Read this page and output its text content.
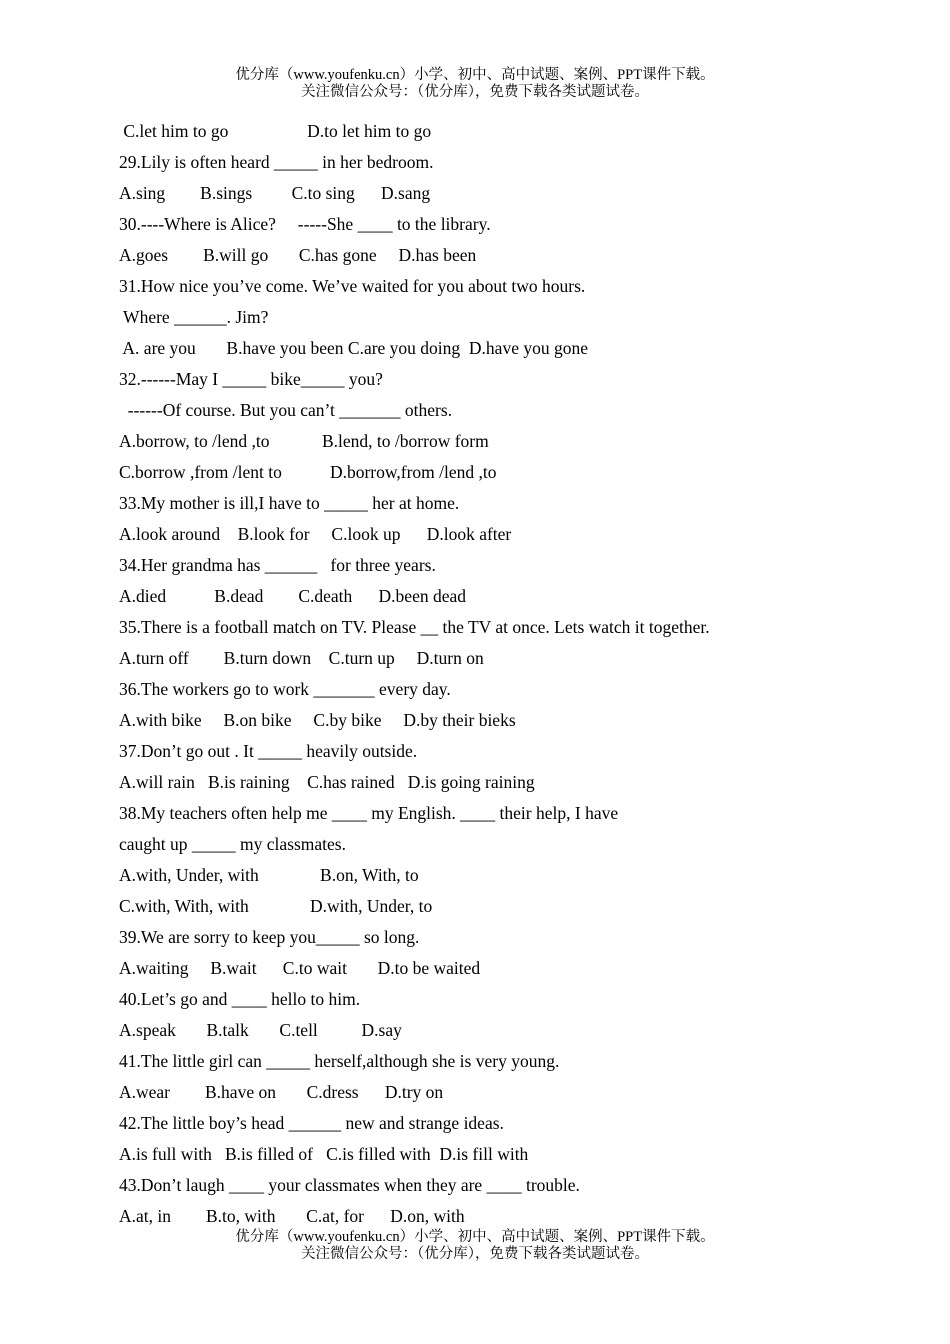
优分库（www.youfenku.cn）小学、初中、高中试题、案例、PPT课件下载。
关注微信公众号：（优分库），免费下载各类试题试卷。
C.let him to go                  D.to let him to go
29.Lily is often heard _____ in her bedroom.
A.sing        B.sings         C.to sing      D.sang
30.----Where is Alice?     -----She ____ to the library.
A.goes        B.will go       C.has gone     D.has been
31.How nice you’ve come. We’ve waited for you about two hours.
Where ______. Jim?
A. are you       B.have you been C.are you doing  D.have you gone
32.------May I _____ bike_____ you?
------Of course. But you can’t _______ others.
A.borrow, to /lend ,to            B.lend, to /borrow form
C.borrow ,from /lent to           D.borrow,from /lend ,to
33.My mother is ill,I have to _____ her at home.
A.look around    B.look for     C.look up      D.look after
34.Her grandma has ______   for three years.
A.died           B.dead        C.death      D.been dead
35.There is a football match on TV. Please __ the TV at once. Lets watch it together.
A.turn off        B.turn down    C.turn up     D.turn on
36.The workers go to work _______ every day.
A.with bike     B.on bike     C.by bike     D.by their bieks
37.Don’t go out . It _____ heavily outside.
A.will rain   B.is raining    C.has rained   D.is going raining
38.My teachers often help me ____ my English. ____ their help, I have
caught up _____ my classmates.
A.with, Under, with              B.on, With, to
C.with, With, with              D.with, Under, to
39.We are sorry to keep you_____ so long.
A.waiting     B.wait      C.to wait       D.to be waited
40.Let’s go and ____ hello to him.
A.speak       B.talk       C.tell          D.say
41.The little girl can _____ herself,although she is very young.
A.wear        B.have on       C.dress      D.try on
42.The little boy’s head ______ new and strange ideas.
A.is full with   B.is filled of   C.is filled with  D.is fill with
43.Don’t laugh ____ your classmates when they are ____ trouble.
A.at, in        B.to, with       C.at, for      D.on, with
优分库（www.youfenku.cn）小学、初中、高中试题、案例、PPT课件下载。
关注微信公众号：（优分库），免费下载各类试题试卷。
